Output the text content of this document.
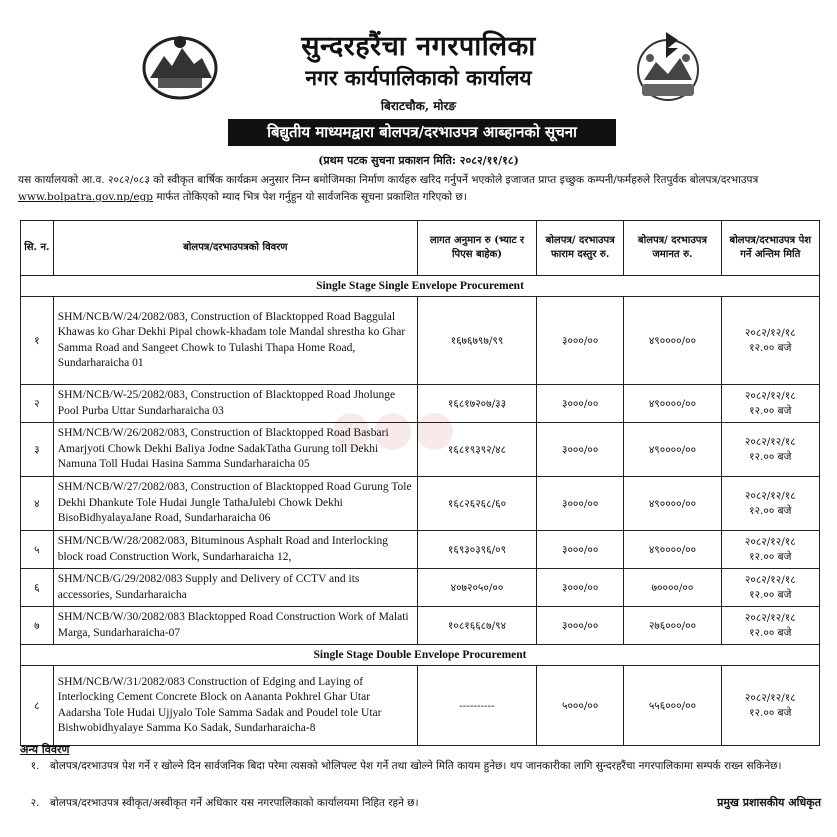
सुन्दरहरैंचा नगरपालिका
नगर कार्यपालिकाको कार्यालय
बिराटचौक, मोरङ
बिद्युतीय माध्यमद्वारा बोलपत्र/दरभाउपत्र आब्हानको सूचना
(प्रथम पटक सुचना प्रकाशन मिति: २०८२/११/१८)
यस कार्यालयको आ.व. २०८२/०८३ को स्वीकृत बार्षिक कार्यक्रम अनुसार निम्न बमोजिमका निर्माण कार्यहरु खरिद गर्नुपर्ने भएकोले इजाजत प्राप्त इच्छुक कम्पनी/फर्महरुले रितपुर्वक बोलपत्र/दरभाउपत्र
www.bolpatra.gov.np/egp मार्फत तोकिएको म्याद भित्र पेश गर्नुहुन यो सार्वजनिक सूचना प्रकाशित गरिएको छ।
●●●
सि. न.	बोलपत्र/दरभाउपत्रको विवरण	लागत अनुमान रु (भ्याट र पिएस बाहेक)	बोलपत्र/ दरभाउपत्र फाराम दस्तुर रु.	बोलपत्र/ दरभाउपत्र जमानत रु.	बोलपत्र/दरभाउपत्र पेश गर्ने अन्तिम मिति
Single Stage Single Envelope Procurement					
१	SHM/NCB/W/24/2082/083, Construction of Blacktopped Road Baggulal Khawas ko Ghar Dekhi Pipal chowk-khadam tole Mandal shrestha ko Ghar Samma Road and Sangeet Chowk to Tulashi Thapa Home Road, Sundarharaicha 01	१६७६७९७/९९	३०००/००	४९००००/००	२०८२/१२/१८
१२.०० बजे
२	SHM/NCB/W-25/2082/083, Construction of Blacktopped Road Jholunge Pool Purba Uttar Sundarharaicha 03	१६८१७२०७/३३	३०००/००	४९००००/००	२०८२/१२/१८
१२.०० बजे
३	SHM/NCB/W/26/2082/083, Construction of Blacktopped Road Basbari Amarjyoti Chowk Dekhi Baliya Jodne SadakTatha Gurung toll Dekhi Namuna Toll Hudai Hasina Samma Sundarharaicha 05	१६८१९३९२/४८	३०००/००	४९००००/००	२०८२/१२/१८
१२.०० बजे
४	SHM/NCB/W/27/2082/083, Construction of Blacktopped Road Gurung Tole Dekhi Dhankute Tole Hudai Jungle TathaJulebi Chowk Dekhi BisoBidhyalayaJane Road, Sundarharaicha 06	१६८२६२६८/६०	३०००/००	४९००००/००	२०८२/१२/१८
१२.०० बजे
५	SHM/NCB/W/28/2082/083, Bituminous Asphalt Road and Interlocking block road Construction Work, Sundarharaicha 12,	१६९३०३९६/०९	३०००/००	४९००००/००	२०८२/१२/१८
१२.०० बजे
६	SHM/NCB/G/29/2082/083 Supply and Delivery of CCTV and its accessories, Sundarharaicha	४०७२०५०/००	३०००/००	७००००/००	२०८२/१२/१८
१२.०० बजे
७	SHM/NCB/W/30/2082/083 Blacktopped Road Construction Work of Malati Marga, Sundarharaicha-07	१०८१६६८७/९४	३०००/००	२७६०००/००	२०८२/१२/१८
१२.०० बजे
Single Stage Double Envelope Procurement					
८	SHM/NCB/W/31/2082/083 Construction of Edging and Laying of Interlocking Cement Concrete Block on Aananta Pokhrel Ghar Utar Aadarsha Tole Hudai Ujjyalo Tole Samma Sadak and Poudel tole Utar Bishwobidhyalaye Samma Ko Sadak, Sundarharaicha-8	----------	५०००/००	५५६०००/००	२०८२/१२/१८
१२.०० बजे
अन्य विवरण
१. बोलपत्र/दरभाउपत्र पेश गर्ने र खोल्ने दिन सार्वजनिक बिदा परेमा त्यसको भोलिपल्ट पेश गर्ने तथा खोल्ने मिति कायम हुनेछ। थप जानकारीका लागि सुन्दरहरैंचा नगरपालिकामा सम्पर्क राख्न सकिनेछ।
२. बोलपत्र/दरभाउपत्र स्वीकृत/अस्वीकृत गर्ने अधिकार यस नगरपालिकाको कार्यालयमा निहित रहने छ।	प्रमुख प्रशासकीय अधिकृत
